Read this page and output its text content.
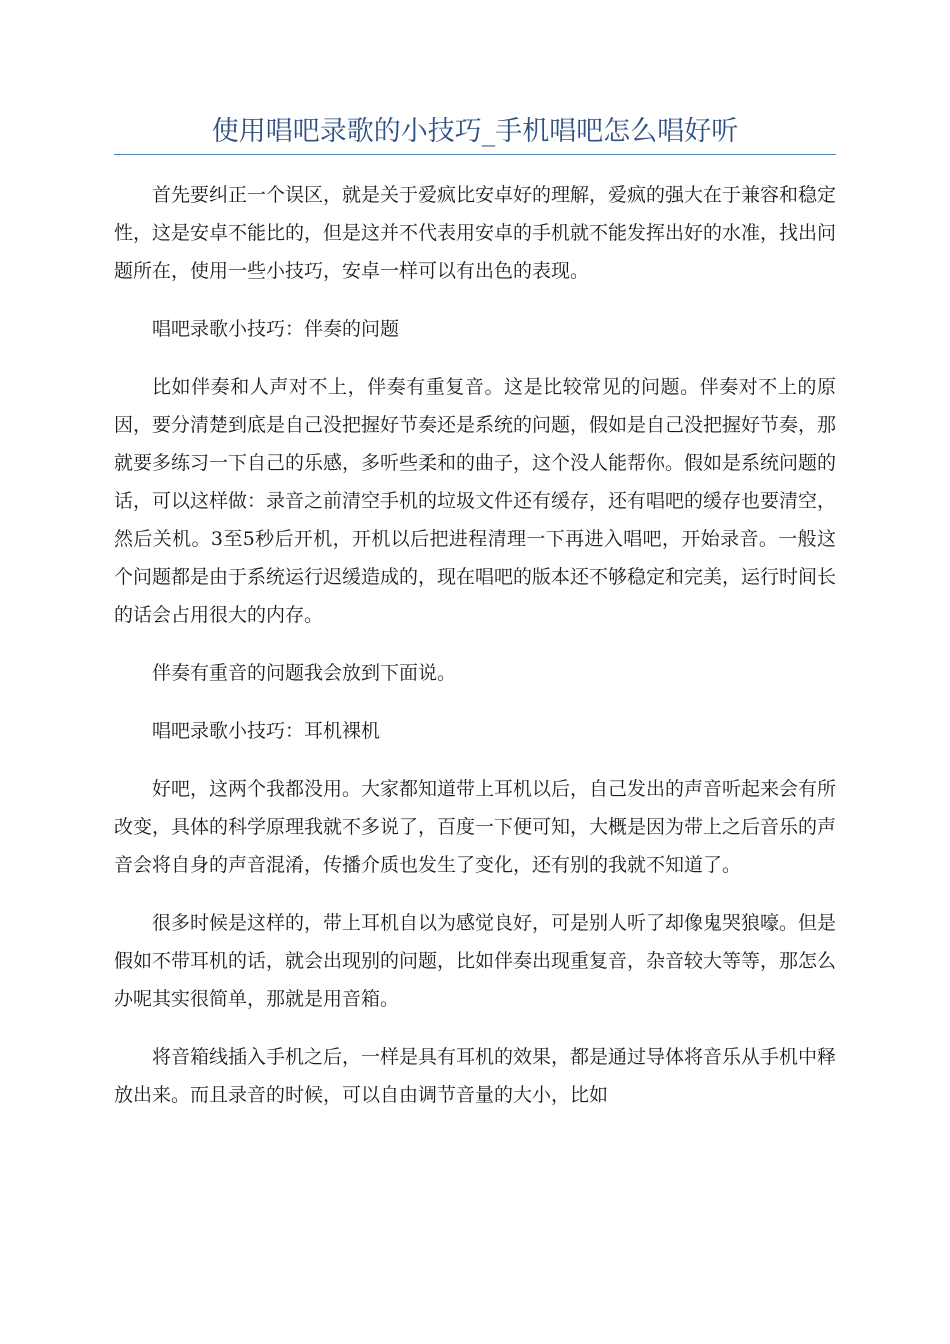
使用唱吧录歌的小技巧_手机唱吧怎么唱好听

首先要纠正一个误区，就是关于爱疯比安卓好的理解，爱疯的强大在于兼容和稳定性，这是安卓不能比的，但是这并不代表用安卓的手机就不能发挥出好的水准，找出问题所在，使用一些小技巧，安卓一样可以有出色的表现。

唱吧录歌小技巧：伴奏的问题

比如伴奏和人声对不上，伴奏有重复音。这是比较常见的问题。伴奏对不上的原因，要分清楚到底是自己没把握好节奏还是系统的问题，假如是自己没把握好节奏，那就要多练习一下自己的乐感，多听些柔和的曲子，这个没人能帮你。假如是系统问题的话，可以这样做：录音之前清空手机的垃圾文件还有缓存，还有唱吧的缓存也要清空，然后关机。3至5秒后开机，开机以后把进程清理一下再进入唱吧，开始录音。一般这个问题都是由于系统运行迟缓造成的，现在唱吧的版本还不够稳定和完美，运行时间长的话会占用很大的内存。

伴奏有重音的问题我会放到下面说。

唱吧录歌小技巧：耳机裸机

好吧，这两个我都没用。大家都知道带上耳机以后，自己发出的声音听起来会有所改变，具体的科学原理我就不多说了，百度一下便可知，大概是因为带上之后音乐的声音会将自身的声音混淆，传播介质也发生了变化，还有别的我就不知道了。

很多时候是这样的，带上耳机自以为感觉良好，可是别人听了却像鬼哭狼嚎。但是假如不带耳机的话，就会出现别的问题，比如伴奏出现重复音，杂音较大等等，那怎么办呢其实很简单，那就是用音箱。

将音箱线插入手机之后，一样是具有耳机的效果，都是通过导体将音乐从手机中释放出来。而且录音的时候，可以自由调节音量的大小，比如
